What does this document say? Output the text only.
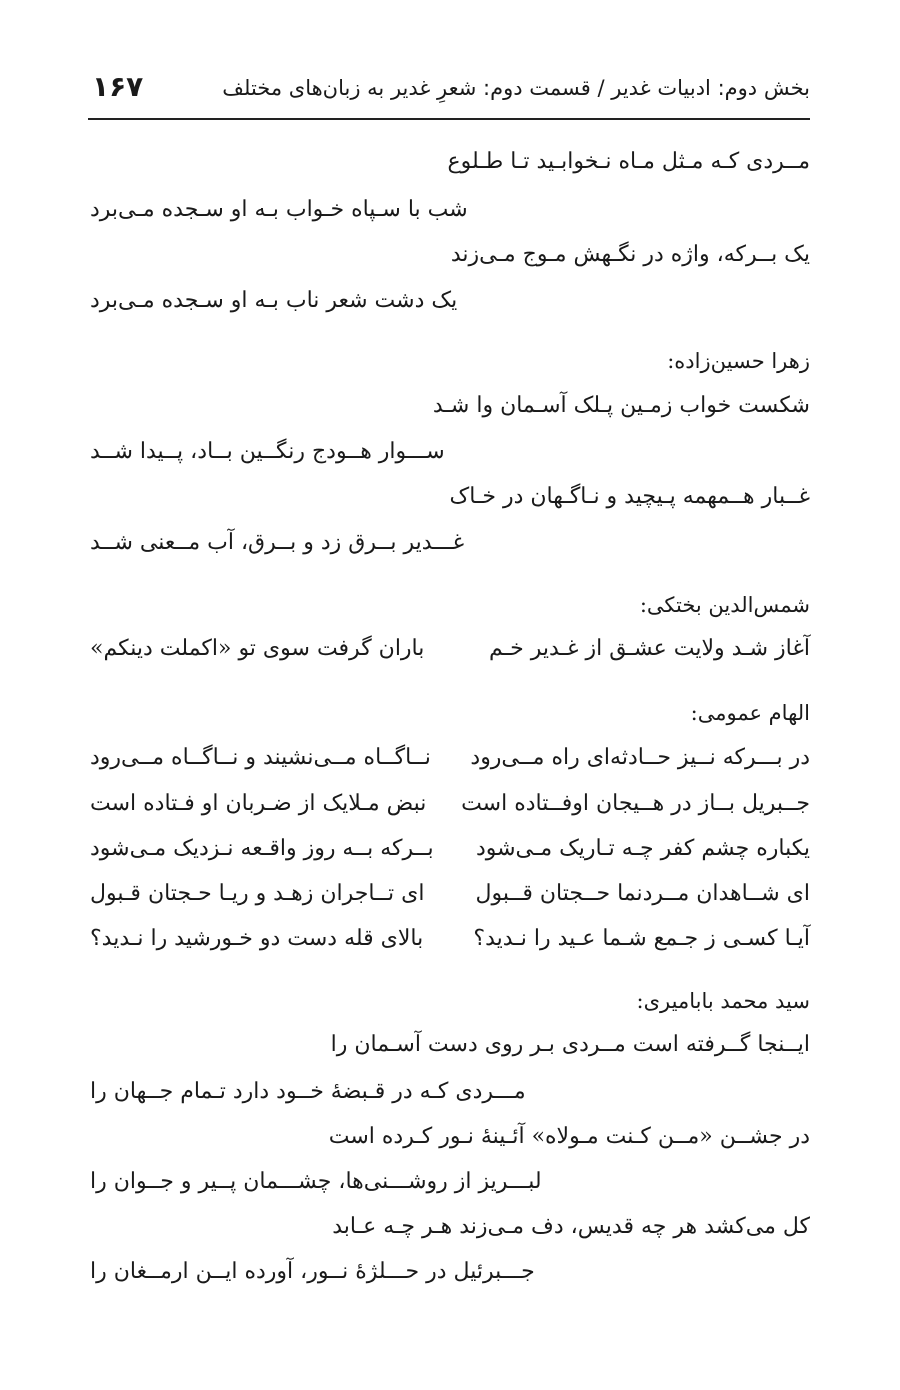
بخش دوم: ادبیات غدیر / قسمت دوم: شعرِ غدیر به زبان‌های مختلف
۱۶۷
مــردی کـه مـثل مـاه نـخوابـید تـا طـلوع
شب با سـپاه خـواب بـه او سـجده مـی‌برد
یک بــرکه، واژه در نگـهش مـوج مـی‌زند
یک دشت شعر ناب بـه او سـجده مـی‌برد
زهرا حسین‌زاده:
شکست خواب زمـین پـلک آسـمان وا شـد
ســـوار هــودج رنگــین بــاد، پــیدا شــد
غــبار هــمهمه پـیچید و نـاگـهان در خـاک
غـــدیر بــرق زد و بــرق، آب مــعنی شــد
شمس‌الدین بختکی:
آغاز شـد ولایت عشـق از غـدیر خـم
باران گرفت سوی تو «اکملت دینکم»
الهام عمومی:
در بـــرکه نــیز حــادثه‌ای راه مــی‌رود
نــاگــاه مــی‌نشیند و نــاگــاه مــی‌رود
جــبریل بــاز در هــیجان اوفــتاده است
نبض مـلایک از ضـربان او فـتاده است
یکباره چشم کفر چـه تـاریک مـی‌شود
بــرکه بــه روز واقـعه نـزدیک مـی‌شود
ای شــاهدان مــردنما حــجتان قــبول
ای تــاجران زهـد و ریـا حـجتان قـبول
آیـا کسـی ز جـمع شـما عـید را نـدید؟
بالای قله دست دو خـورشید را نـدید؟
سید محمد بابامیری:
ایــنجا گــرفته است مــردی بـر روی دست آسـمان را
مـــردی کـه در قـبضهٔ خــود دارد تـمام جــهان را
در جشــن «مــن کـنت مـولاه» آئـینهٔ نـور کـرده است
لبـــریز از روشـــنی‌ها، چشـــمان پــیر و جــوان را
کل می‌کشد هر چه قدیس، دف مـی‌زند هـر چـه عـابد
جـــبرئیل در حـــلژهٔ نــور، آورده ایــن ارمــغان را
